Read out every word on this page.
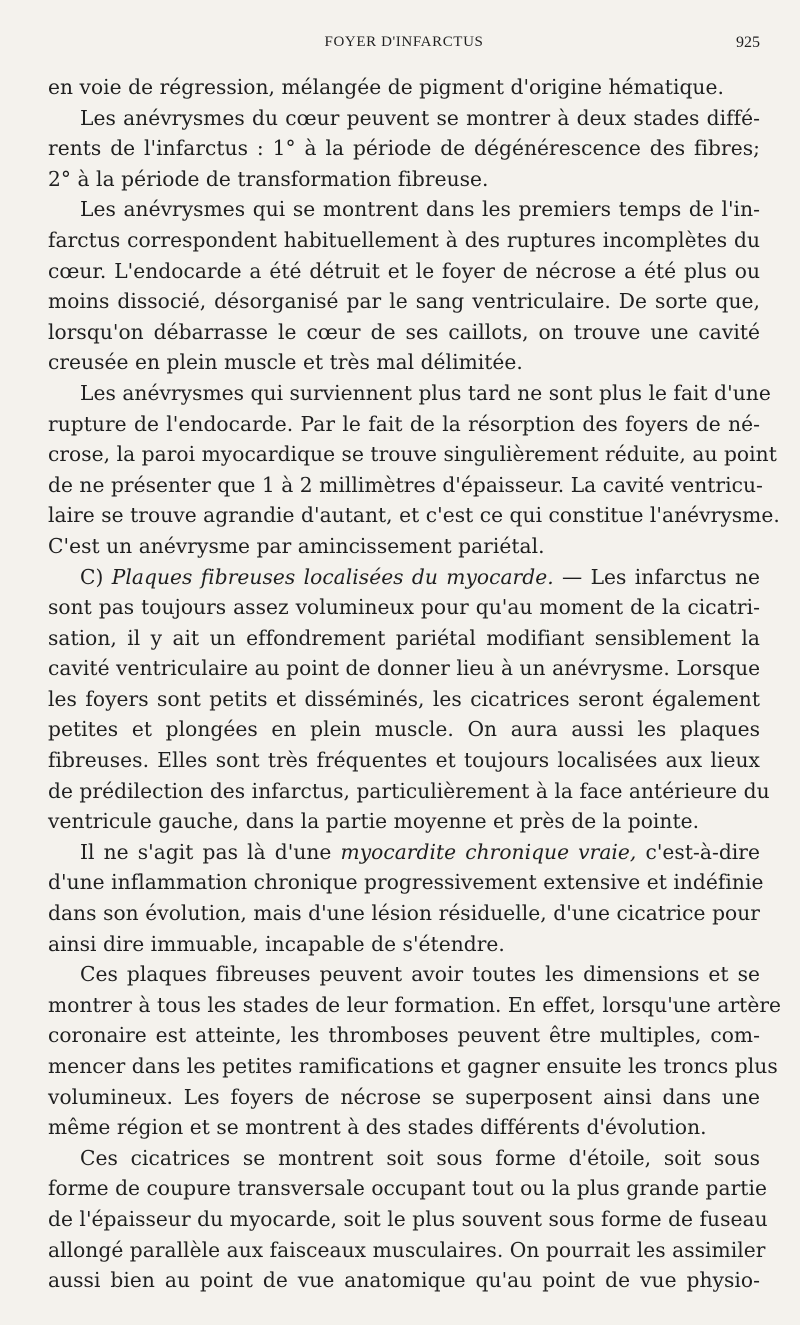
FOYER D'INFARCTUS	925
en voie de régression, mélangée de pigment d'origine hématique.
Les anévrysmes du cœur peuvent se montrer à deux stades diffé-
rents de l'infarctus : 1° à la période de dégénérescence des fibres;
2° à la période de transformation fibreuse.
Les anévrysmes qui se montrent dans les premiers temps de l'in-
farctus correspondent habituellement à des ruptures incomplètes du
cœur. L'endocarde a été détruit et le foyer de nécrose a été plus ou
moins dissocié, désorganisé par le sang ventriculaire. De sorte que,
lorsqu'on débarrasse le cœur de ses caillots, on trouve une cavité
creusée en plein muscle et très mal délimitée.
Les anévrysmes qui surviennent plus tard ne sont plus le fait d'une
rupture de l'endocarde. Par le fait de la résorption des foyers de né-
crose, la paroi myocardique se trouve singulièrement réduite, au point
de ne présenter que 1 à 2 millimètres d'épaisseur. La cavité ventricu-
laire se trouve agrandie d'autant, et c'est ce qui constitue l'anévrysme.
C'est un anévrysme par amincissement pariétal.
C) Plaques fibreuses localisées du myocarde. — Les infarctus ne
sont pas toujours assez volumineux pour qu'au moment de la cicatri-
sation, il y ait un effondrement pariétal modifiant sensiblement la
cavité ventriculaire au point de donner lieu à un anévrysme. Lorsque
les foyers sont petits et disséminés, les cicatrices seront également
petites et plongées en plein muscle. On aura aussi les plaques
fibreuses. Elles sont très fréquentes et toujours localisées aux lieux
de prédilection des infarctus, particulièrement à la face antérieure du
ventricule gauche, dans la partie moyenne et près de la pointe.
Il ne s'agit pas là d'une myocardite chronique vraie, c'est-à-dire
d'une inflammation chronique progressivement extensive et indéfinie
dans son évolution, mais d'une lésion résiduelle, d'une cicatrice pour
ainsi dire immuable, incapable de s'étendre.
Ces plaques fibreuses peuvent avoir toutes les dimensions et se
montrer à tous les stades de leur formation. En effet, lorsqu'une artère
coronaire est atteinte, les thromboses peuvent être multiples, com-
mencer dans les petites ramifications et gagner ensuite les troncs plus
volumineux. Les foyers de nécrose se superposent ainsi dans une
même région et se montrent à des stades différents d'évolution.
Ces cicatrices se montrent soit sous forme d'étoile, soit sous
forme de coupure transversale occupant tout ou la plus grande partie
de l'épaisseur du myocarde, soit le plus souvent sous forme de fuseau
allongé parallèle aux faisceaux musculaires. On pourrait les assimiler
aussi bien au point de vue anatomique qu'au point de vue physio-
